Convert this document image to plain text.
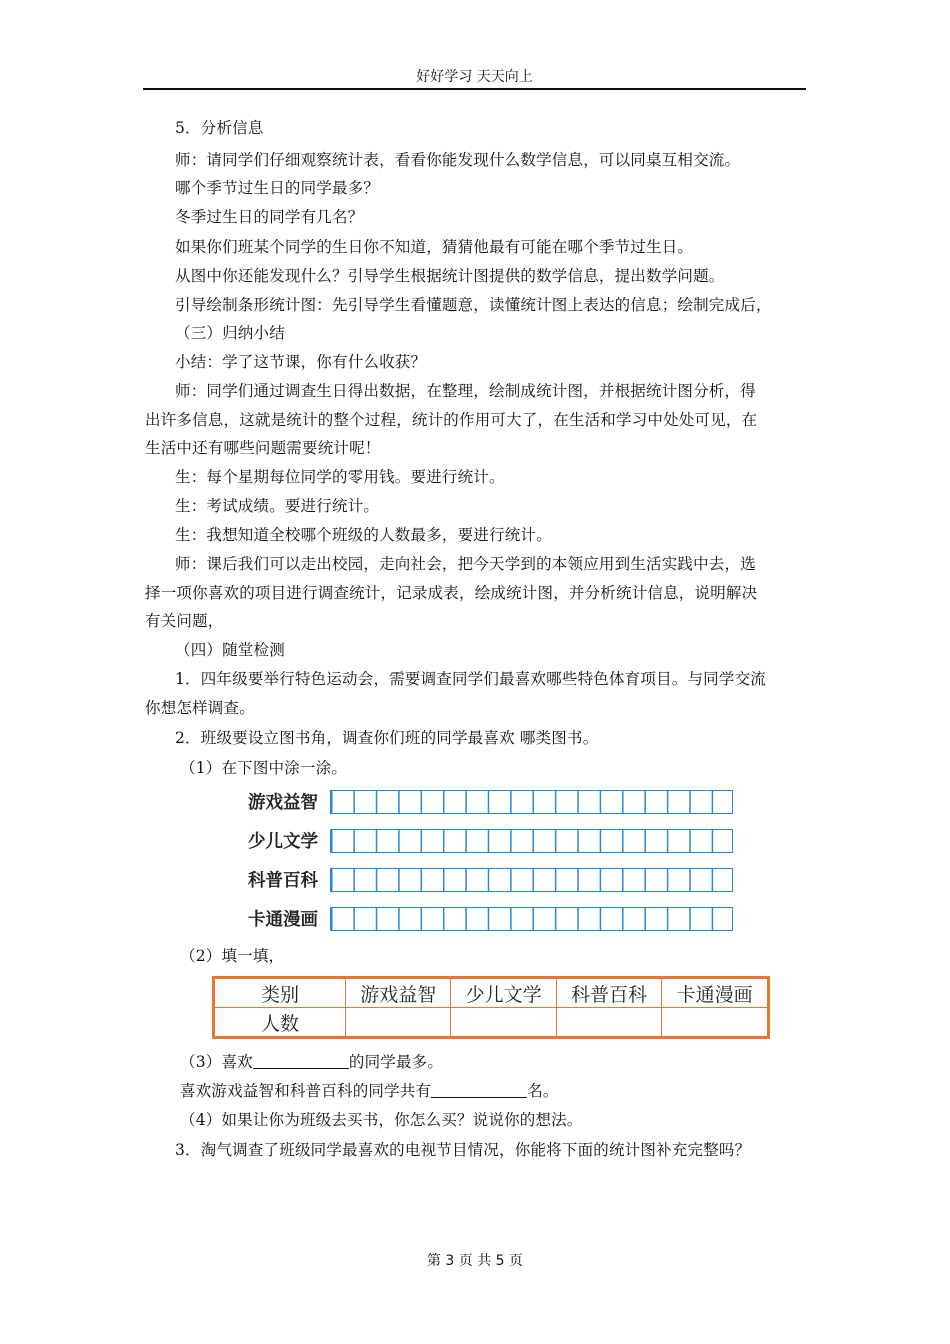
好好学习 天天向上
5．分析信息
师：请同学们仔细观察统计表，看看你能发现什么数学信息，可以同桌互相交流。
哪个季节过生日的同学最多？
冬季过生日的同学有几名？
如果你们班某个同学的生日你不知道，猜猜他最有可能在哪个季节过生日。
从图中你还能发现什么？引导学生根据统计图提供的数学信息，提出数学问题。
引导绘制条形统计图：先引导学生看懂题意，读懂统计图上表达的信息；绘制完成后，
（三）归纳小结
小结：学了这节课，你有什么收获？
师：同学们通过调查生日得出数据，在整理，绘制成统计图，并根据统计图分析，得
出许多信息，这就是统计的整个过程，统计的作用可大了，在生活和学习中处处可见，在
生活中还有哪些问题需要统计呢！
生：每个星期每位同学的零用钱。要进行统计。
生：考试成绩。要进行统计。
生：我想知道全校哪个班级的人数最多，要进行统计。
师：课后我们可以走出校园，走向社会，把今天学到的本领应用到生活实践中去，选
择一项你喜欢的项目进行调查统计，记录成表，绘成统计图，并分析统计信息，说明解决
有关问题，
（四）随堂检测
1．四年级要举行特色运动会，需要调查同学们最喜欢哪些特色体育项目。与同学交流
你想怎样调查。
2．班级要设立图书角，调查你们班的同学最喜欢 哪类图书。
（1）在下图中涂一涂。
游戏益智
少儿文学
科普百科
卡通漫画
（2）填一填，
类别	游戏益智	少儿文学	科普百科	卡通漫画
人数				
（3）喜欢	的同学最多。
喜欢游戏益智和科普百科的同学共有	名。
（4）如果让你为班级去买书，你怎么买？说说你的想法。
3．淘气调查了班级同学最喜欢的电视节目情况，你能将下面的统计图补充完整吗？
第 3 页 共 5 页
